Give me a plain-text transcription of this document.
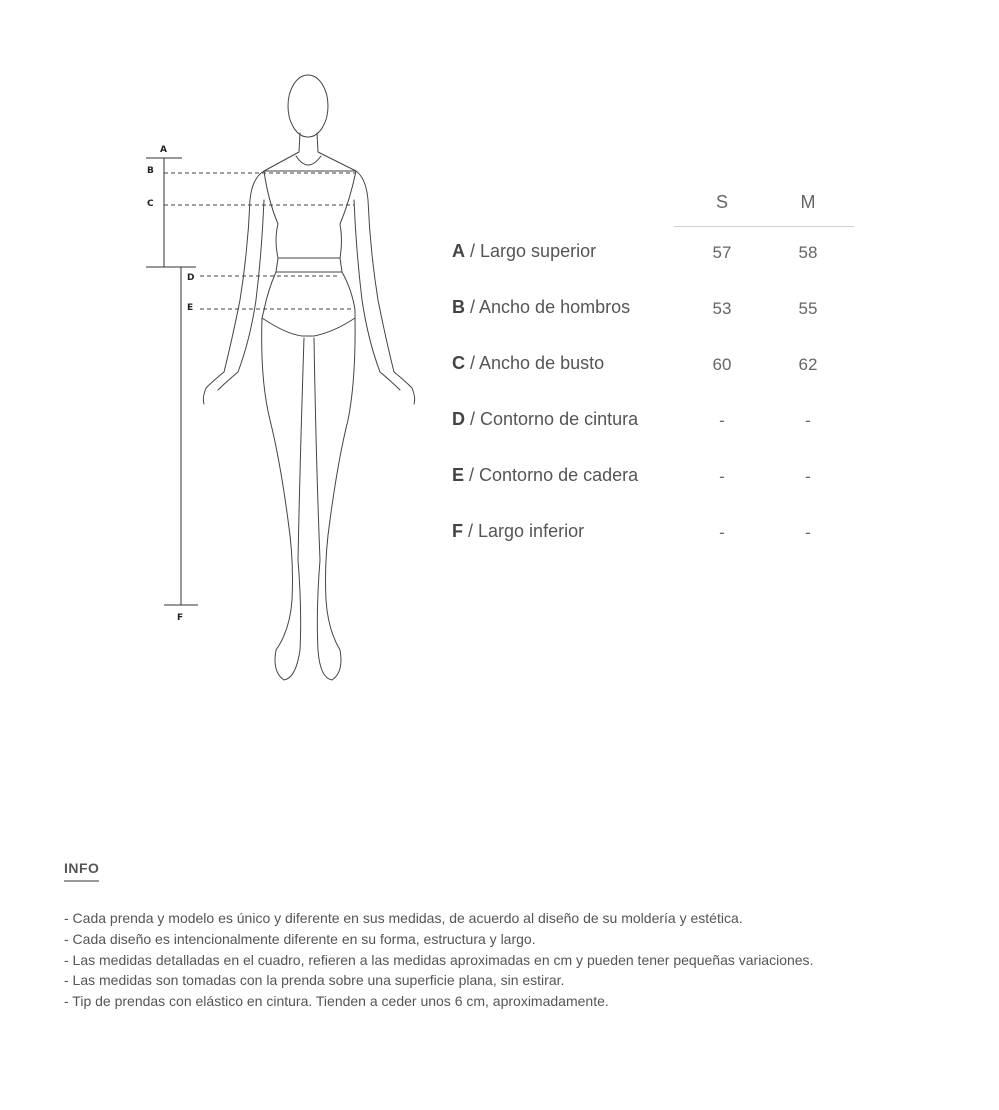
A
B
C
D
E
F
S	M
A / Largo superior	57	58
B / Ancho de hombros	53	55
C / Ancho de busto	60	62
D / Contorno de cintura	-	-
E / Contorno de cadera	-	-
F / Largo inferior	-	-
INFO
- Cada prenda y modelo es único y diferente en sus medidas, de acuerdo al diseño de su moldería y estética.
- Cada diseño es intencionalmente diferente en su forma, estructura y largo.
- Las medidas detalladas en el cuadro, refieren a las medidas aproximadas en cm y pueden tener pequeñas variaciones.
- Las medidas son tomadas con la prenda sobre una superficie plana, sin estirar.
- Tip de prendas con elástico en cintura. Tienden a ceder unos 6 cm, aproximadamente.
